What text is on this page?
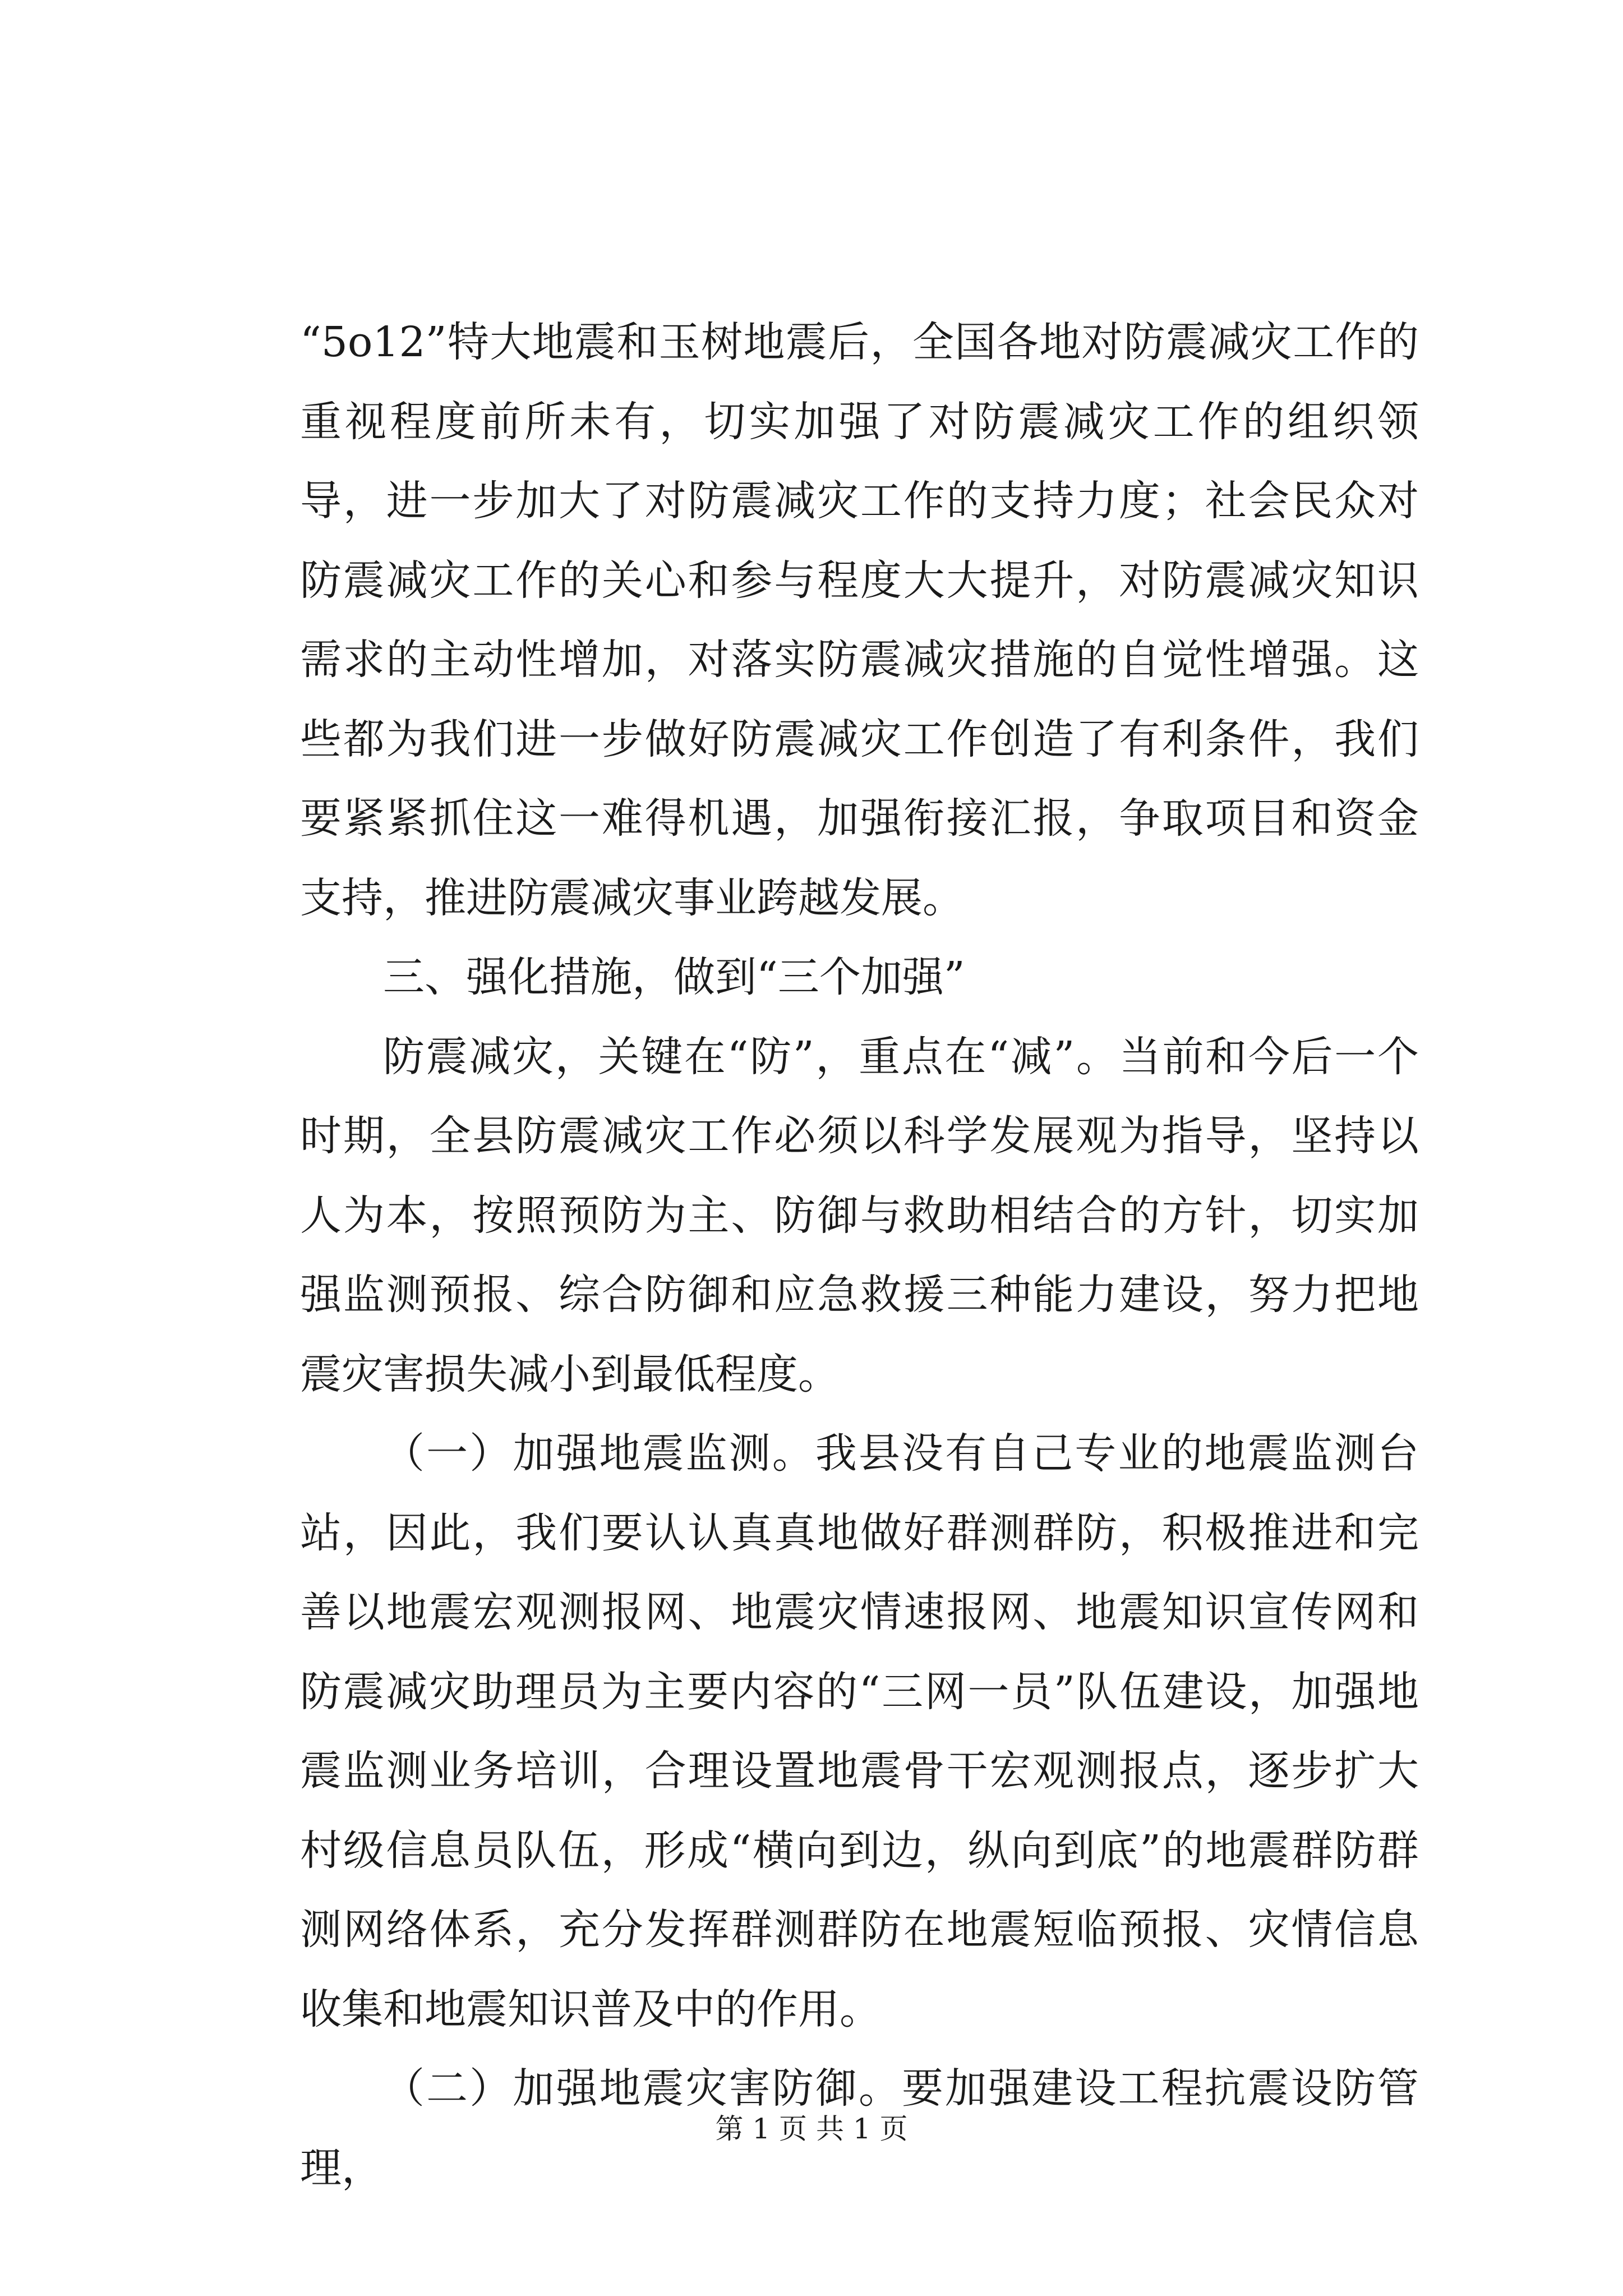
“5o12”特大地震和玉树地震后，全国各地对防震减灾工作的重视程度前所未有，切实加强了对防震减灾工作的组织领导，进一步加大了对防震减灾工作的支持力度；社会民众对防震减灾工作的关心和参与程度大大提升，对防震减灾知识需求的主动性增加，对落实防震减灾措施的自觉性增强。这些都为我们进一步做好防震减灾工作创造了有利条件，我们要紧紧抓住这一难得机遇，加强衔接汇报，争取项目和资金支持，推进防震减灾事业跨越发展。

三、强化措施，做到“三个加强”

防震减灾，关键在“防”，重点在“减”。当前和今后一个时期，全县防震减灾工作必须以科学发展观为指导，坚持以人为本，按照预防为主、防御与救助相结合的方针，切实加强监测预报、综合防御和应急救援三种能力建设，努力把地震灾害损失减小到最低程度。

（一）加强地震监测。我县没有自己专业的地震监测台站，因此，我们要认认真真地做好群测群防，积极推进和完善以地震宏观测报网、地震灾情速报网、地震知识宣传网和防震减灾助理员为主要内容的“三网一员”队伍建设，加强地震监测业务培训，合理设置地震骨干宏观测报点，逐步扩大村级信息员队伍，形成“横向到边，纵向到底”的地震群防群测网络体系，充分发挥群测群防在地震短临预报、灾情信息收集和地震知识普及中的作用。

（二）加强地震灾害防御。要加强建设工程抗震设防管理，

第 1 页 共 1 页
